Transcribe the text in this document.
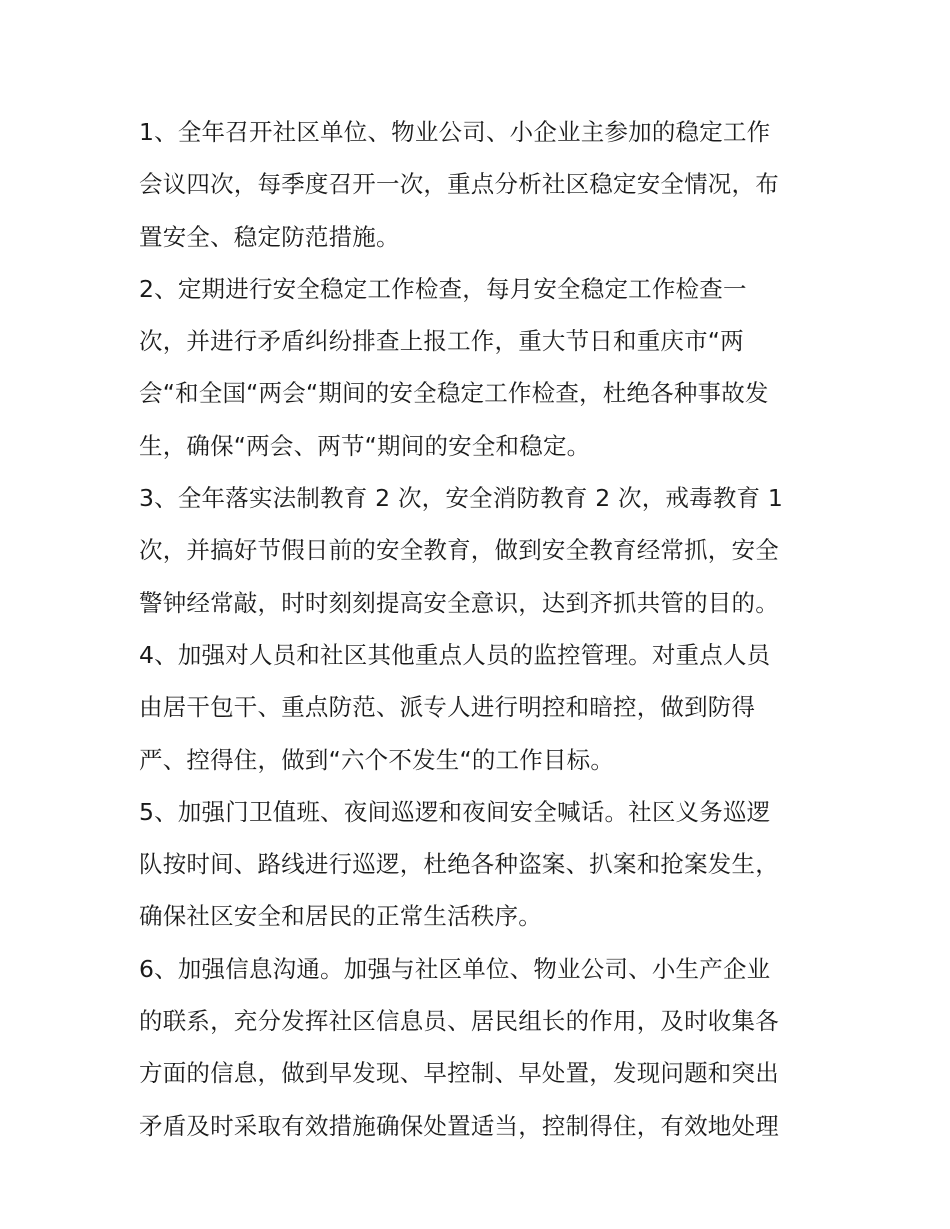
1、全年召开社区单位、物业公司、小企业主参加的稳定工作
会议四次，每季度召开一次，重点分析社区稳定安全情况，布
置安全、稳定防范措施。
2、定期进行安全稳定工作检查，每月安全稳定工作检查一
次，并进行矛盾纠纷排查上报工作，重大节日和重庆市“两
会“和全国“两会“期间的安全稳定工作检查，杜绝各种事故发
生，确保“两会、两节“期间的安全和稳定。
3、全年落实法制教育 2 次，安全消防教育 2 次，戒毒教育 1
次，并搞好节假日前的安全教育，做到安全教育经常抓，安全
警钟经常敲，时时刻刻提高安全意识，达到齐抓共管的目的。
4、加强对人员和社区其他重点人员的监控管理。对重点人员
由居干包干、重点防范、派专人进行明控和暗控，做到防得
严、控得住，做到“六个不发生“的工作目标。
5、加强门卫值班、夜间巡逻和夜间安全喊话。社区义务巡逻
队按时间、路线进行巡逻，杜绝各种盗案、扒案和抢案发生，
确保社区安全和居民的正常生活秩序。
6、加强信息沟通。加强与社区单位、物业公司、小生产企业
的联系，充分发挥社区信息员、居民组长的作用，及时收集各
方面的信息，做到早发现、早控制、早处置，发现问题和突出
矛盾及时采取有效措施确保处置适当，控制得住，有效地处理
